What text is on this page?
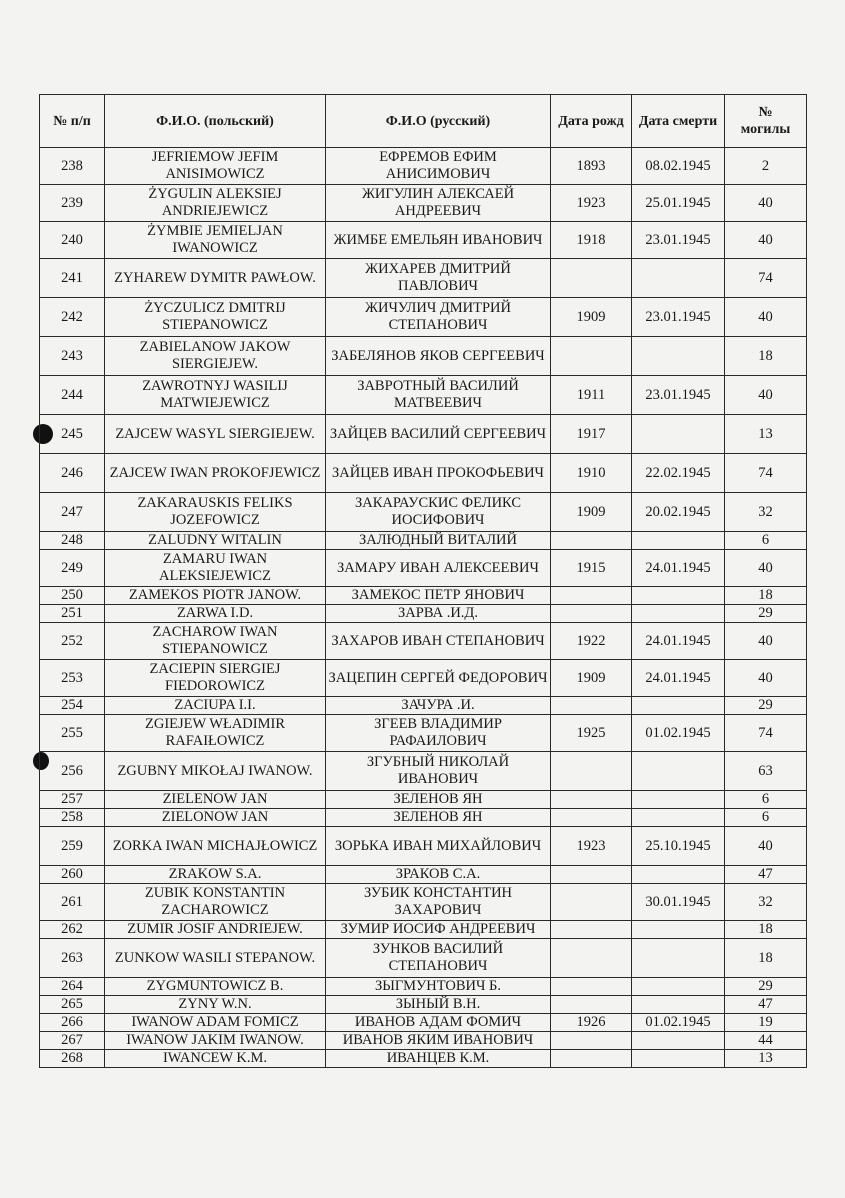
№ п/п	Ф.И.О. (польский)	Ф.И.О (русский)	Дата рожд	Дата смерти	№
могилы
238	JEFRIEMOW JEFIM ANISIMOWICZ	ЕФРЕМОВ ЕФИМ АНИСИМОВИЧ	1893	08.02.1945	2
239	ŻYGULIN ALEKSIEJ ANDRIEJEWICZ	ЖИГУЛИН АЛЕКСАЕЙ АНДРЕЕВИЧ	1923	25.01.1945	40
240	ŻYMBIE JEMIELJAN IWANOWICZ	ЖИМБЕ ЕМЕЛЬЯН ИВАНОВИЧ	1918	23.01.1945	40
241	ZYHAREW DYMITR PAWŁOW.	ЖИХАРЕВ ДМИТРИЙ ПАВЛОВИЧ			74
242	ŻYCZULICZ DMITRIJ STIEPANOWICZ	ЖИЧУЛИЧ ДМИТРИЙ СТЕПАНОВИЧ	1909	23.01.1945	40
243	ZABIELANOW JAKOW SIERGIEJEW.	ЗАБЕЛЯНОВ ЯКОВ СЕРГЕЕВИЧ			18
244	ZAWROTNYJ WASILIJ MATWIEJEWICZ	ЗАВРОТНЫЙ ВАСИЛИЙ МАТВЕЕВИЧ	1911	23.01.1945	40
245	ZAJCEW WASYL SIERGIEJEW.	ЗАЙЦЕВ ВАСИЛИЙ СЕРГЕЕВИЧ	1917		13
246	ZAJCEW IWAN PROKOFJEWICZ	ЗАЙЦЕВ ИВАН ПРОКОФЬЕВИЧ	1910	22.02.1945	74
247	ZAKARAUSKIS FELIKS JOZEFOWICZ	ЗАКАРАУСКИС ФЕЛИКС ИОСИФОВИЧ	1909	20.02.1945	32
248	ZALUDNY WITALIN	ЗАЛЮДНЫЙ ВИТАЛИЙ			6
249	ZAMARU IWAN ALEKSIEJEWICZ	ЗАМАРУ ИВАН АЛЕКСЕЕВИЧ	1915	24.01.1945	40
250	ZAMEKOS PIOTR JANOW.	ЗАМЕКОС ПЕТР ЯНОВИЧ			18
251	ZARWA I.D.	ЗАРВА .И.Д.			29
252	ZACHAROW IWAN STIEPANOWICZ	ЗАХАРОВ ИВАН СТЕПАНОВИЧ	1922	24.01.1945	40
253	ZACIEPIN SIERGIEJ FIEDOROWICZ	ЗАЦЕПИН СЕРГЕЙ ФЕДОРОВИЧ	1909	24.01.1945	40
254	ZACIUPA I.I.	ЗАЧУРА .И.			29
255	ZGIEJEW WŁADIMIR RAFAIŁOWICZ	ЗГЕЕВ ВЛАДИМИР РАФАИЛОВИЧ	1925	01.02.1945	74
256	ZGUBNY MIKOŁAJ IWANOW.	ЗГУБНЫЙ НИКОЛАЙ ИВАНОВИЧ			63
257	ZIELENOW JAN	ЗЕЛЕНОВ ЯН			6
258	ZIELONOW JAN	ЗЕЛЕНОВ ЯН			6
259	ZORKA IWAN MICHAJŁOWICZ	ЗОРЬКА ИВАН МИХАЙЛОВИЧ	1923	25.10.1945	40
260	ZRAKOW S.A.	ЗРАКОВ С.А.			47
261	ZUBIK KONSTANTIN ZACHAROWICZ	ЗУБИК КОНСТАНТИН ЗАХАРОВИЧ		30.01.1945	32
262	ZUMIR JOSIF ANDRIEJEW.	ЗУМИР ИОСИФ АНДРЕЕВИЧ			18
263	ZUNKOW WASILI STEPANOW.	ЗУНКОВ ВАСИЛИЙ СТЕПАНОВИЧ			18
264	ZYGMUNTOWICZ B.	ЗЫГМУНТОВИЧ Б.			29
265	ZYNY W.N.	ЗЫНЫЙ В.Н.			47
266	IWANOW ADAM FOMICZ	ИВАНОВ АДАМ ФОМИЧ	1926	01.02.1945	19
267	IWANOW JAKIM IWANOW.	ИВАНОВ ЯКИМ ИВАНОВИЧ			44
268	IWANCEW K.M.	ИВАНЦЕВ К.М.			13
